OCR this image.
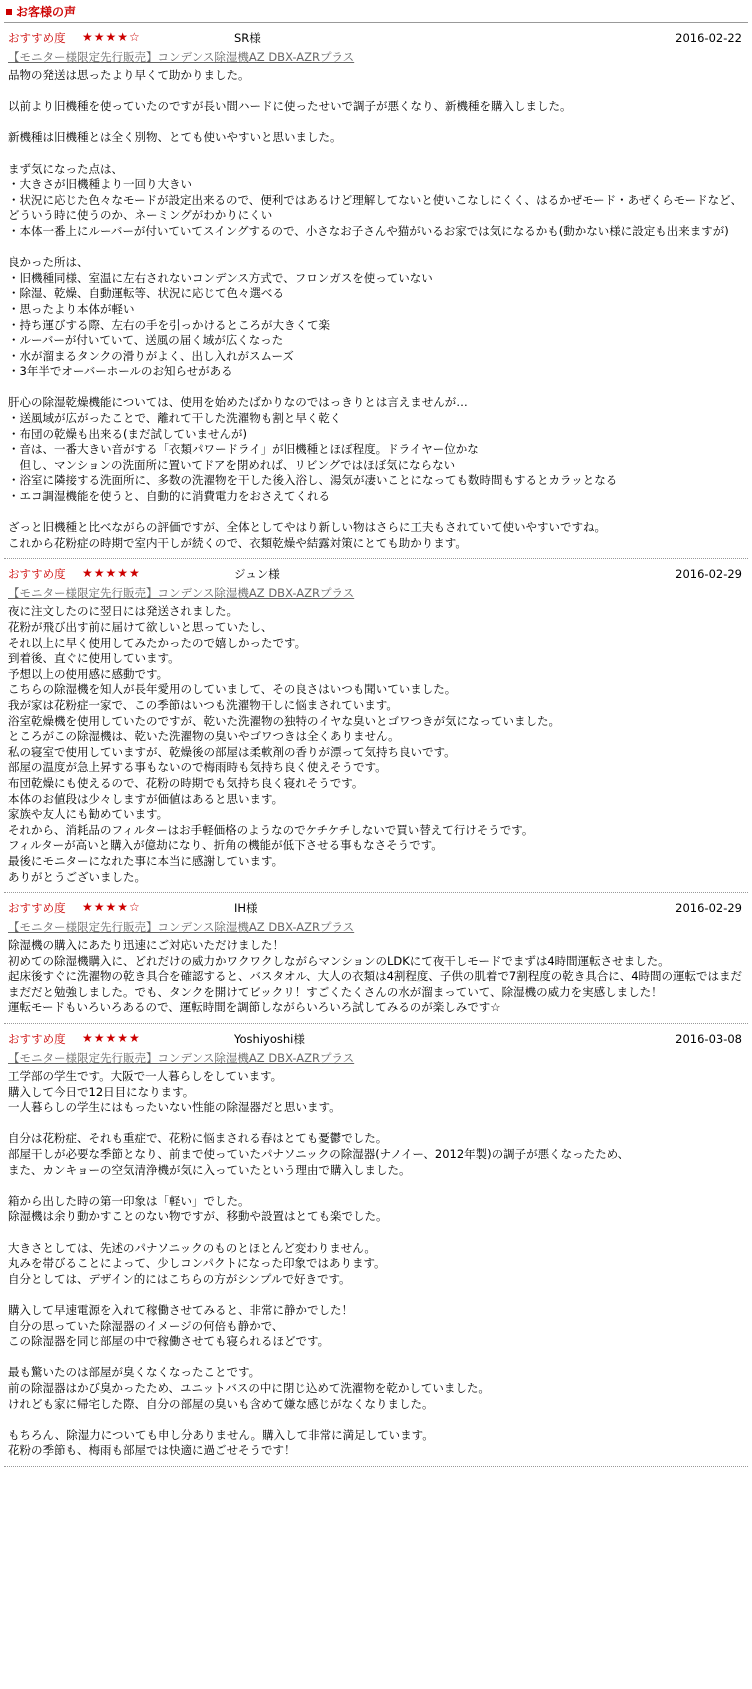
お客様の声
おすすめ度 ★★★★☆	SR様	2016-02-22
【モニター様限定先行販売】コンデンス除湿機AZ DBX-AZRプラス
品物の発送は思ったより早くて助かりました。
以前より旧機種を使っていたのですが長い間ハードに使ったせいで調子が悪くなり、新機種を購入しました。
新機種は旧機種とは全く別物、とても使いやすいと思いました。
まず気になった点は、
・大きさが旧機種より一回り大きい
・状況に応じた色々なモードが設定出来るので、便利ではあるけど理解してないと使いこなしにくく、はるかぜモード・あぜくらモードなど、どういう時に使うのか、ネーミングがわかりにくい
・本体一番上にルーバーが付いていてスイングするので、小さなお子さんや猫がいるお家では気になるかも(動かない様に設定も出来ますが)
良かった所は、
・旧機種同様、室温に左右されないコンデンス方式で、フロンガスを使っていない
・除湿、乾燥、自動運転等、状況に応じて色々選べる
・思ったより本体が軽い
・持ち運びする際、左右の手を引っかけるところが大きくて楽
・ルーバーが付いていて、送風の届く域が広くなった
・水が溜まるタンクの滑りがよく、出し入れがスムーズ
・3年半でオーバーホールのお知らせがある
肝心の除湿乾燥機能については、使用を始めたばかりなのではっきりとは言えませんが…
・送風域が広がったことで、離れて干した洗濯物も割と早く乾く
・布団の乾燥も出来る(まだ試していませんが)
・音は、一番大きい音がする「衣類パワードライ」が旧機種とほぼ程度。ドライヤー位かな
　但し、マンションの洗面所に置いてドアを閉めれば、リビングではほぼ気にならない
・浴室に隣接する洗面所に、多数の洗濯物を干した後入浴し、湯気が凄いことになっても数時間もするとカラッとなる
・エコ調湿機能を使うと、自動的に消費電力をおさえてくれる
ざっと旧機種と比べながらの評価ですが、全体としてやはり新しい物はさらに工夫もされていて使いやすいですね。
これから花粉症の時期で室内干しが続くので、衣類乾燥や結露対策にとても助かります。
おすすめ度 ★★★★★	ジュン様	2016-02-29
【モニター様限定先行販売】コンデンス除湿機AZ DBX-AZRプラス
夜に注文したのに翌日には発送されました。
花粉が飛び出す前に届けて欲しいと思っていたし、
それ以上に早く使用してみたかったので嬉しかったです。
到着後、直ぐに使用しています。
予想以上の使用感に感動です。
こちらの除湿機を知人が長年愛用のしていまして、その良さはいつも聞いていました。
我が家は花粉症一家で、この季節はいつも洗濯物干しに悩まされています。
浴室乾燥機を使用していたのですが、乾いた洗濯物の独特のイヤな臭いとゴワつきが気になっていました。
ところがこの除湿機は、乾いた洗濯物の臭いやゴワつきは全くありません。
私の寝室で使用していますが、乾燥後の部屋は柔軟剤の香りが漂って気持ち良いです。
部屋の温度が急上昇する事もないので梅雨時も気持ち良く使えそうです。
布団乾燥にも使えるので、花粉の時期でも気持ち良く寝れそうです。
本体のお値段は少々しますが価値はあると思います。
家族や友人にも勧めています。
それから、消耗品のフィルターはお手軽価格のようなのでケチケチしないで買い替えて行けそうです。
フィルターが高いと購入が億劫になり、折角の機能が低下させる事もなさそうです。
最後にモニターになれた事に本当に感謝しています。
ありがとうございました。
おすすめ度 ★★★★☆	IH様	2016-02-29
【モニター様限定先行販売】コンデンス除湿機AZ DBX-AZRプラス
除湿機の購入にあたり迅速にご対応いただけました！
初めての除湿機購入に、どれだけの威力かワクワクしながらマンションのLDKにて夜干しモードでまずは4時間運転させました。
起床後すぐに洗濯物の乾き具合を確認すると、バスタオル、大人の衣類は4割程度、子供の肌着で7割程度の乾き具合に、4時間の運転ではまだまだだと勉強しました。でも、タンクを開けてビックリ！すごくたくさんの水が溜まっていて、除湿機の威力を実感しました！
運転モードもいろいろあるので、運転時間を調節しながらいろいろ試してみるのが楽しみです☆
おすすめ度 ★★★★★	Yoshiyoshi様	2016-03-08
【モニター様限定先行販売】コンデンス除湿機AZ DBX-AZRプラス
工学部の学生です。大阪で一人暮らしをしています。
購入して今日で12日目になります。
一人暮らしの学生にはもったいない性能の除湿器だと思います。
自分は花粉症、それも重症で、花粉に悩まされる春はとても憂鬱でした。
部屋干しが必要な季節となり、前まで使っていたパナソニックの除湿器(ナノイー、2012年製)の調子が悪くなったため、
また、カンキョーの空気清浄機が気に入っていたという理由で購入しました。
箱から出した時の第一印象は「軽い」でした。
除湿機は余り動かすことのない物ですが、移動や設置はとても楽でした。
大きさとしては、先述のパナソニックのものとほとんど変わりません。
丸みを帯びることによって、少しコンパクトになった印象ではあります。
自分としては、デザイン的にはこちらの方がシンプルで好きです。
購入して早速電源を入れて稼働させてみると、非常に静かでした！
自分の思っていた除湿器のイメージの何倍も静かで、
この除湿器を同じ部屋の中で稼働させても寝られるほどです。
最も驚いたのは部屋が臭くなくなったことです。
前の除湿器はかび臭かったため、ユニットバスの中に閉じ込めて洗濯物を乾かしていました。
けれども家に帰宅した際、自分の部屋の臭いも含めて嫌な感じがなくなりました。
もちろん、除湿力についても申し分ありません。購入して非常に満足しています。
花粉の季節も、梅雨も部屋では快適に過ごせそうです！
